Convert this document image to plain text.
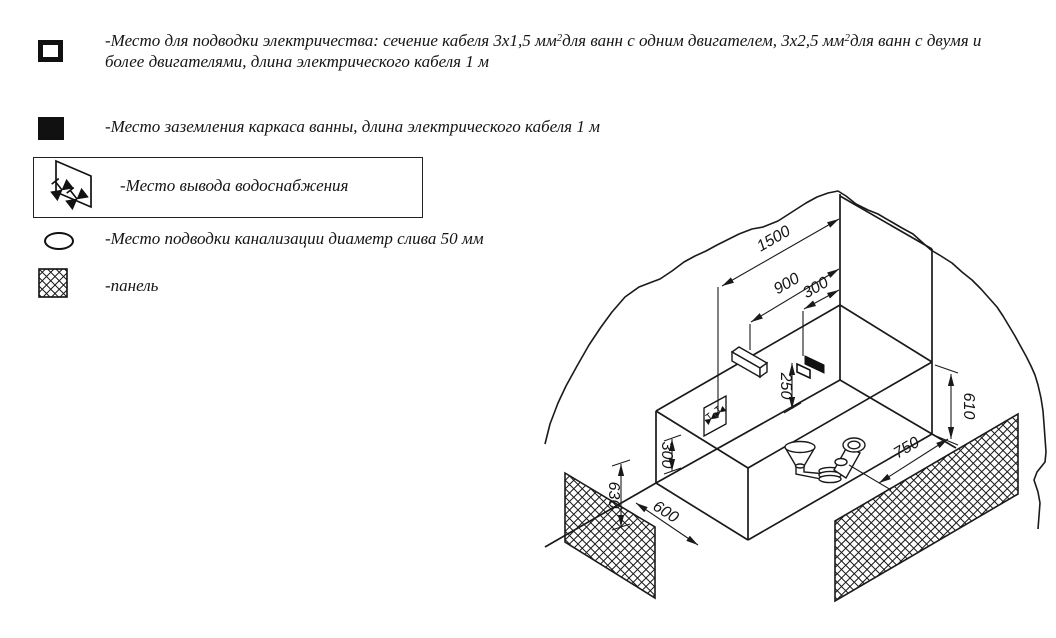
-Место для подводки электричества: сечение кабеля 3х1,5 $мм^2для$ ванн с одним двигателем, 3х2,5 $мм^2для$ ванн с двумя и
более двигателями, длина электрического кабеля 1 м
-Место заземления каркаса ванны, длина электрического кабеля 1 м
-Место вывода водоснабжения
-Место подводки канализации диаметр слива 50 мм
-панель
1500
900
300
250
300
630
610
600
750
